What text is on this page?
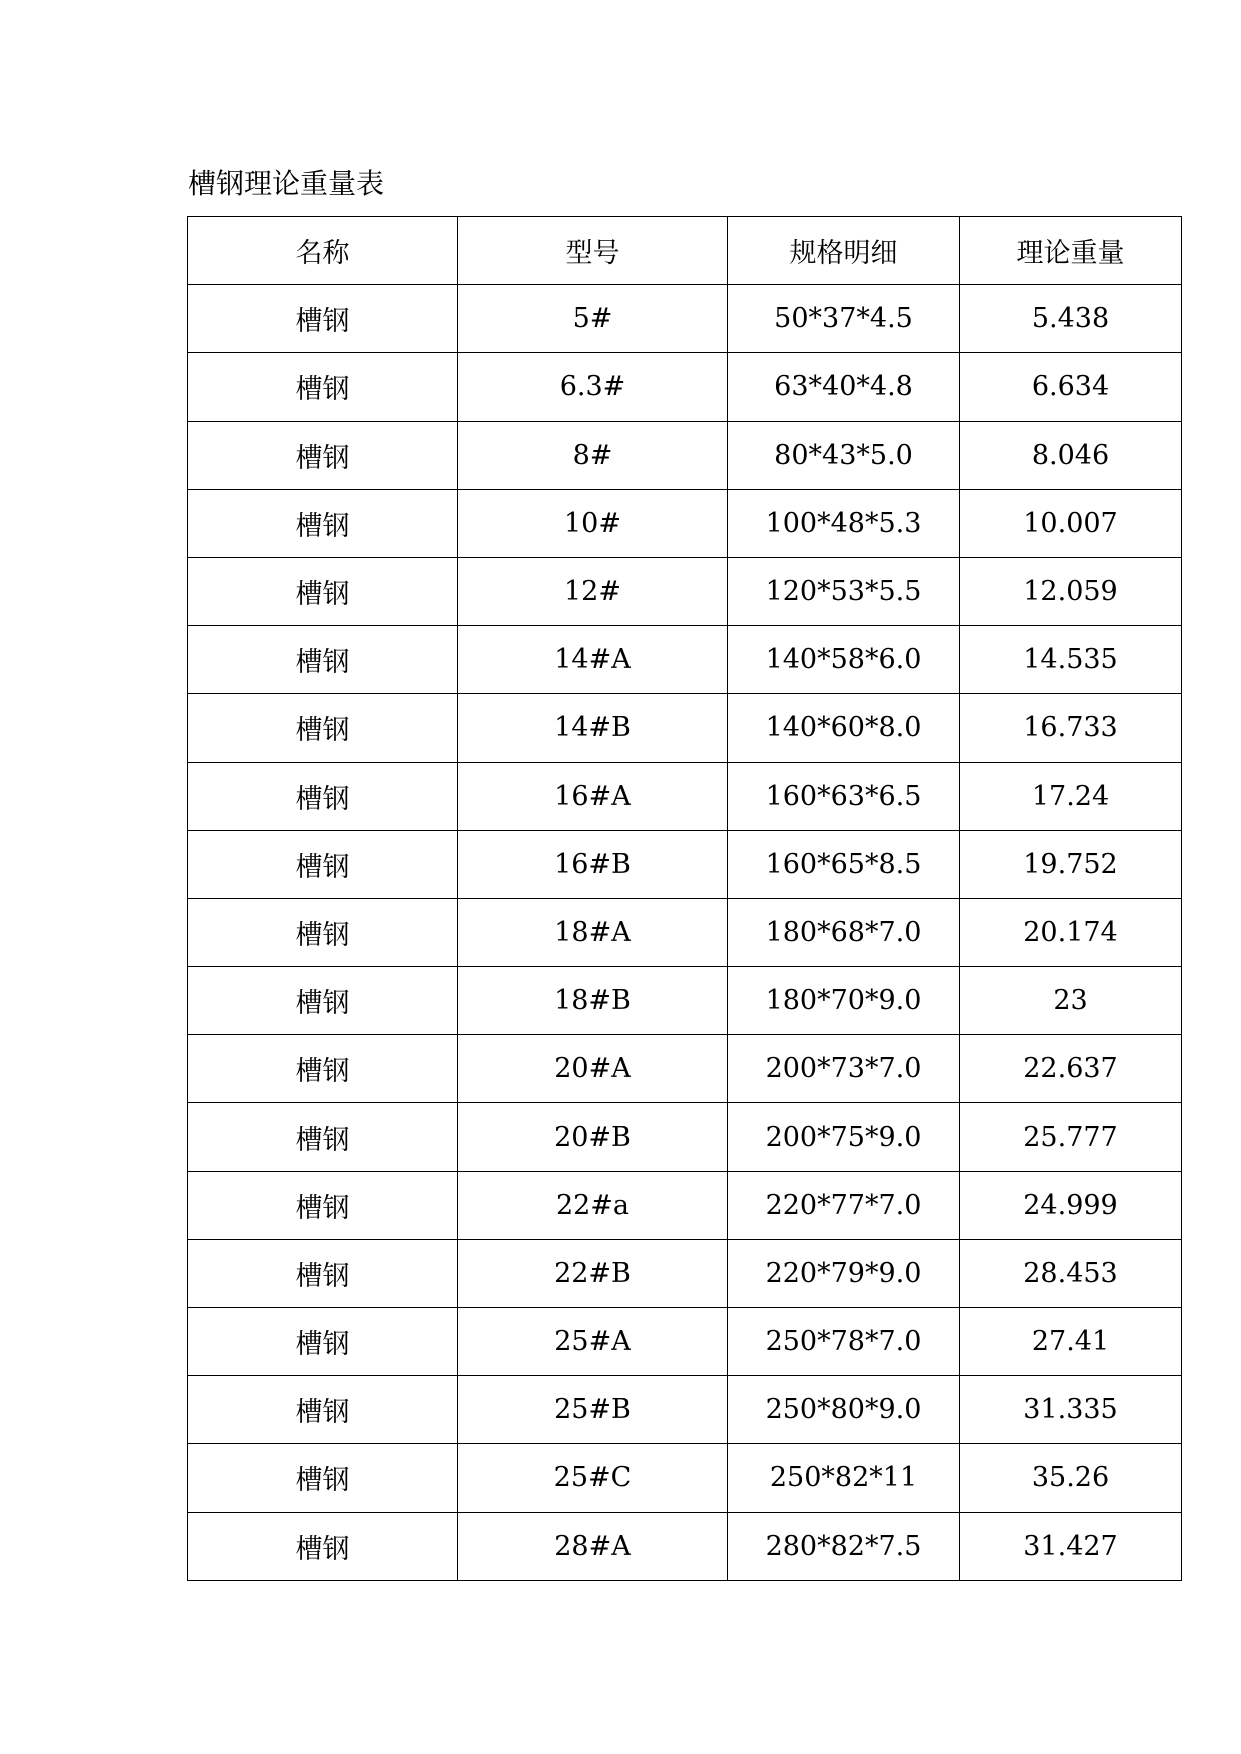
槽钢理论重量表
名称	型号	规格明细	理论重量
槽钢	5#	50*37*4.5	5.438
槽钢	6.3#	63*40*4.8	6.634
槽钢	8#	80*43*5.0	8.046
槽钢	10#	100*48*5.3	10.007
槽钢	12#	120*53*5.5	12.059
槽钢	14#A	140*58*6.0	14.535
槽钢	14#B	140*60*8.0	16.733
槽钢	16#A	160*63*6.5	17.24
槽钢	16#B	160*65*8.5	19.752
槽钢	18#A	180*68*7.0	20.174
槽钢	18#B	180*70*9.0	23
槽钢	20#A	200*73*7.0	22.637
槽钢	20#B	200*75*9.0	25.777
槽钢	22#a	220*77*7.0	24.999
槽钢	22#B	220*79*9.0	28.453
槽钢	25#A	250*78*7.0	27.41
槽钢	25#B	250*80*9.0	31.335
槽钢	25#C	250*82*11	35.26
槽钢	28#A	280*82*7.5	31.427
